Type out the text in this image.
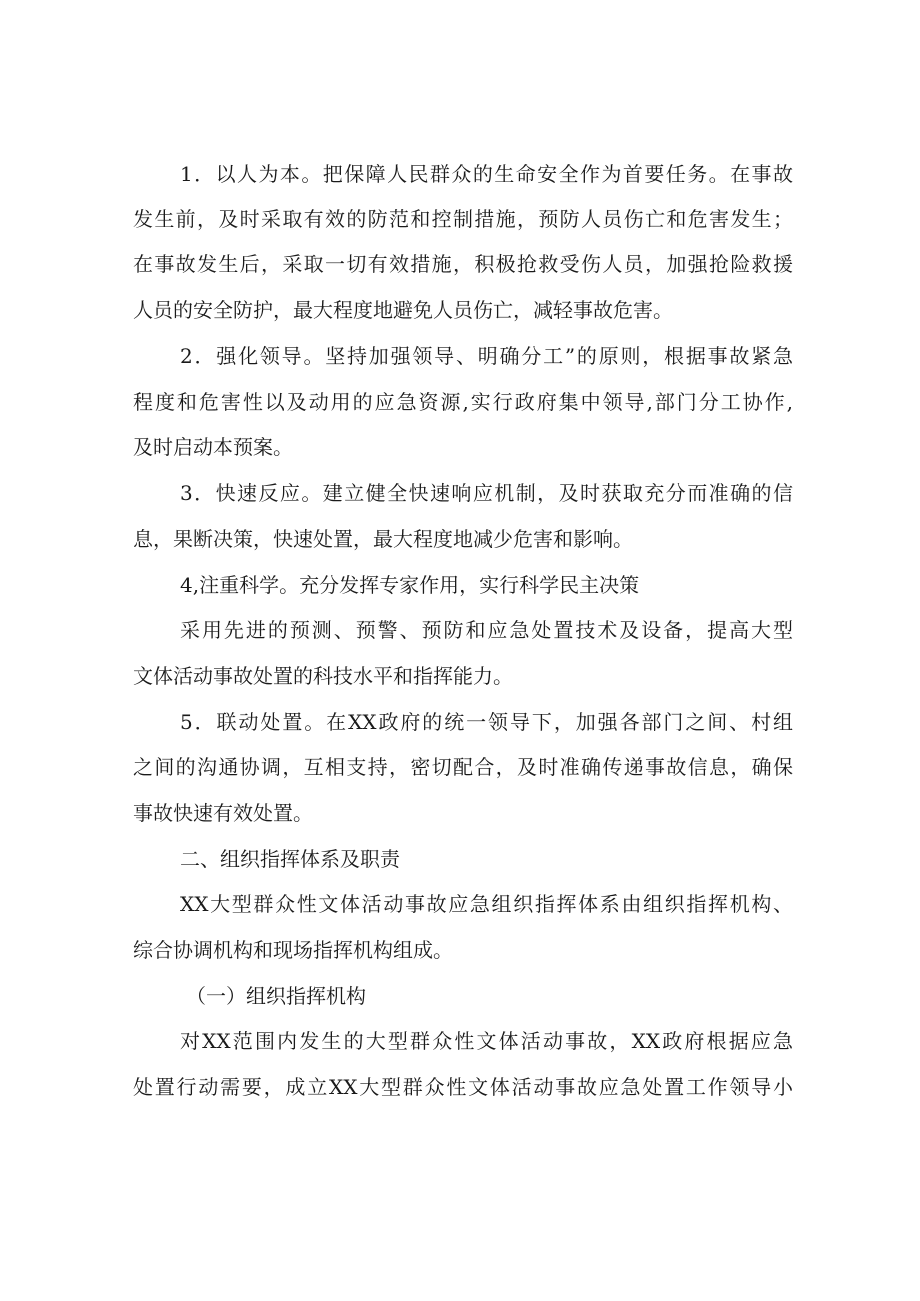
1．以人为本。把保障人民群众的生命安全作为首要任务。在事故
发生前，及时采取有效的防范和控制措施，预防人员伤亡和危害发生；
在事故发生后，采取一切有效措施，积极抢救受伤人员，加强抢险救援
人员的安全防护，最大程度地避免人员伤亡，减轻事故危害。
2．强化领导。坚持加强领导、明确分工”的原则，根据事故紧急
程度和危害性以及动用的应急资源,实行政府集中领导,部门分工协作,
及时启动本预案。
3．快速反应。建立健全快速响应机制，及时获取充分而准确的信
息，果断决策，快速处置，最大程度地减少危害和影响。
4,注重科学。充分发挥专家作用，实行科学民主决策
采用先进的预测、预警、预防和应急处置技术及设备，提高大型
文体活动事故处置的科技水平和指挥能力。
5．联动处置。在XX政府的统一领导下，加强各部门之间、村组
之间的沟通协调，互相支持，密切配合，及时准确传递事故信息，确保
事故快速有效处置。
二、组织指挥体系及职责
XX大型群众性文体活动事故应急组织指挥体系由组织指挥机构、
综合协调机构和现场指挥机构组成。
（一）组织指挥机构
对XX范围内发生的大型群众性文体活动事故，XX政府根据应急
处置行动需要，成立XX大型群众性文体活动事故应急处置工作领导小
